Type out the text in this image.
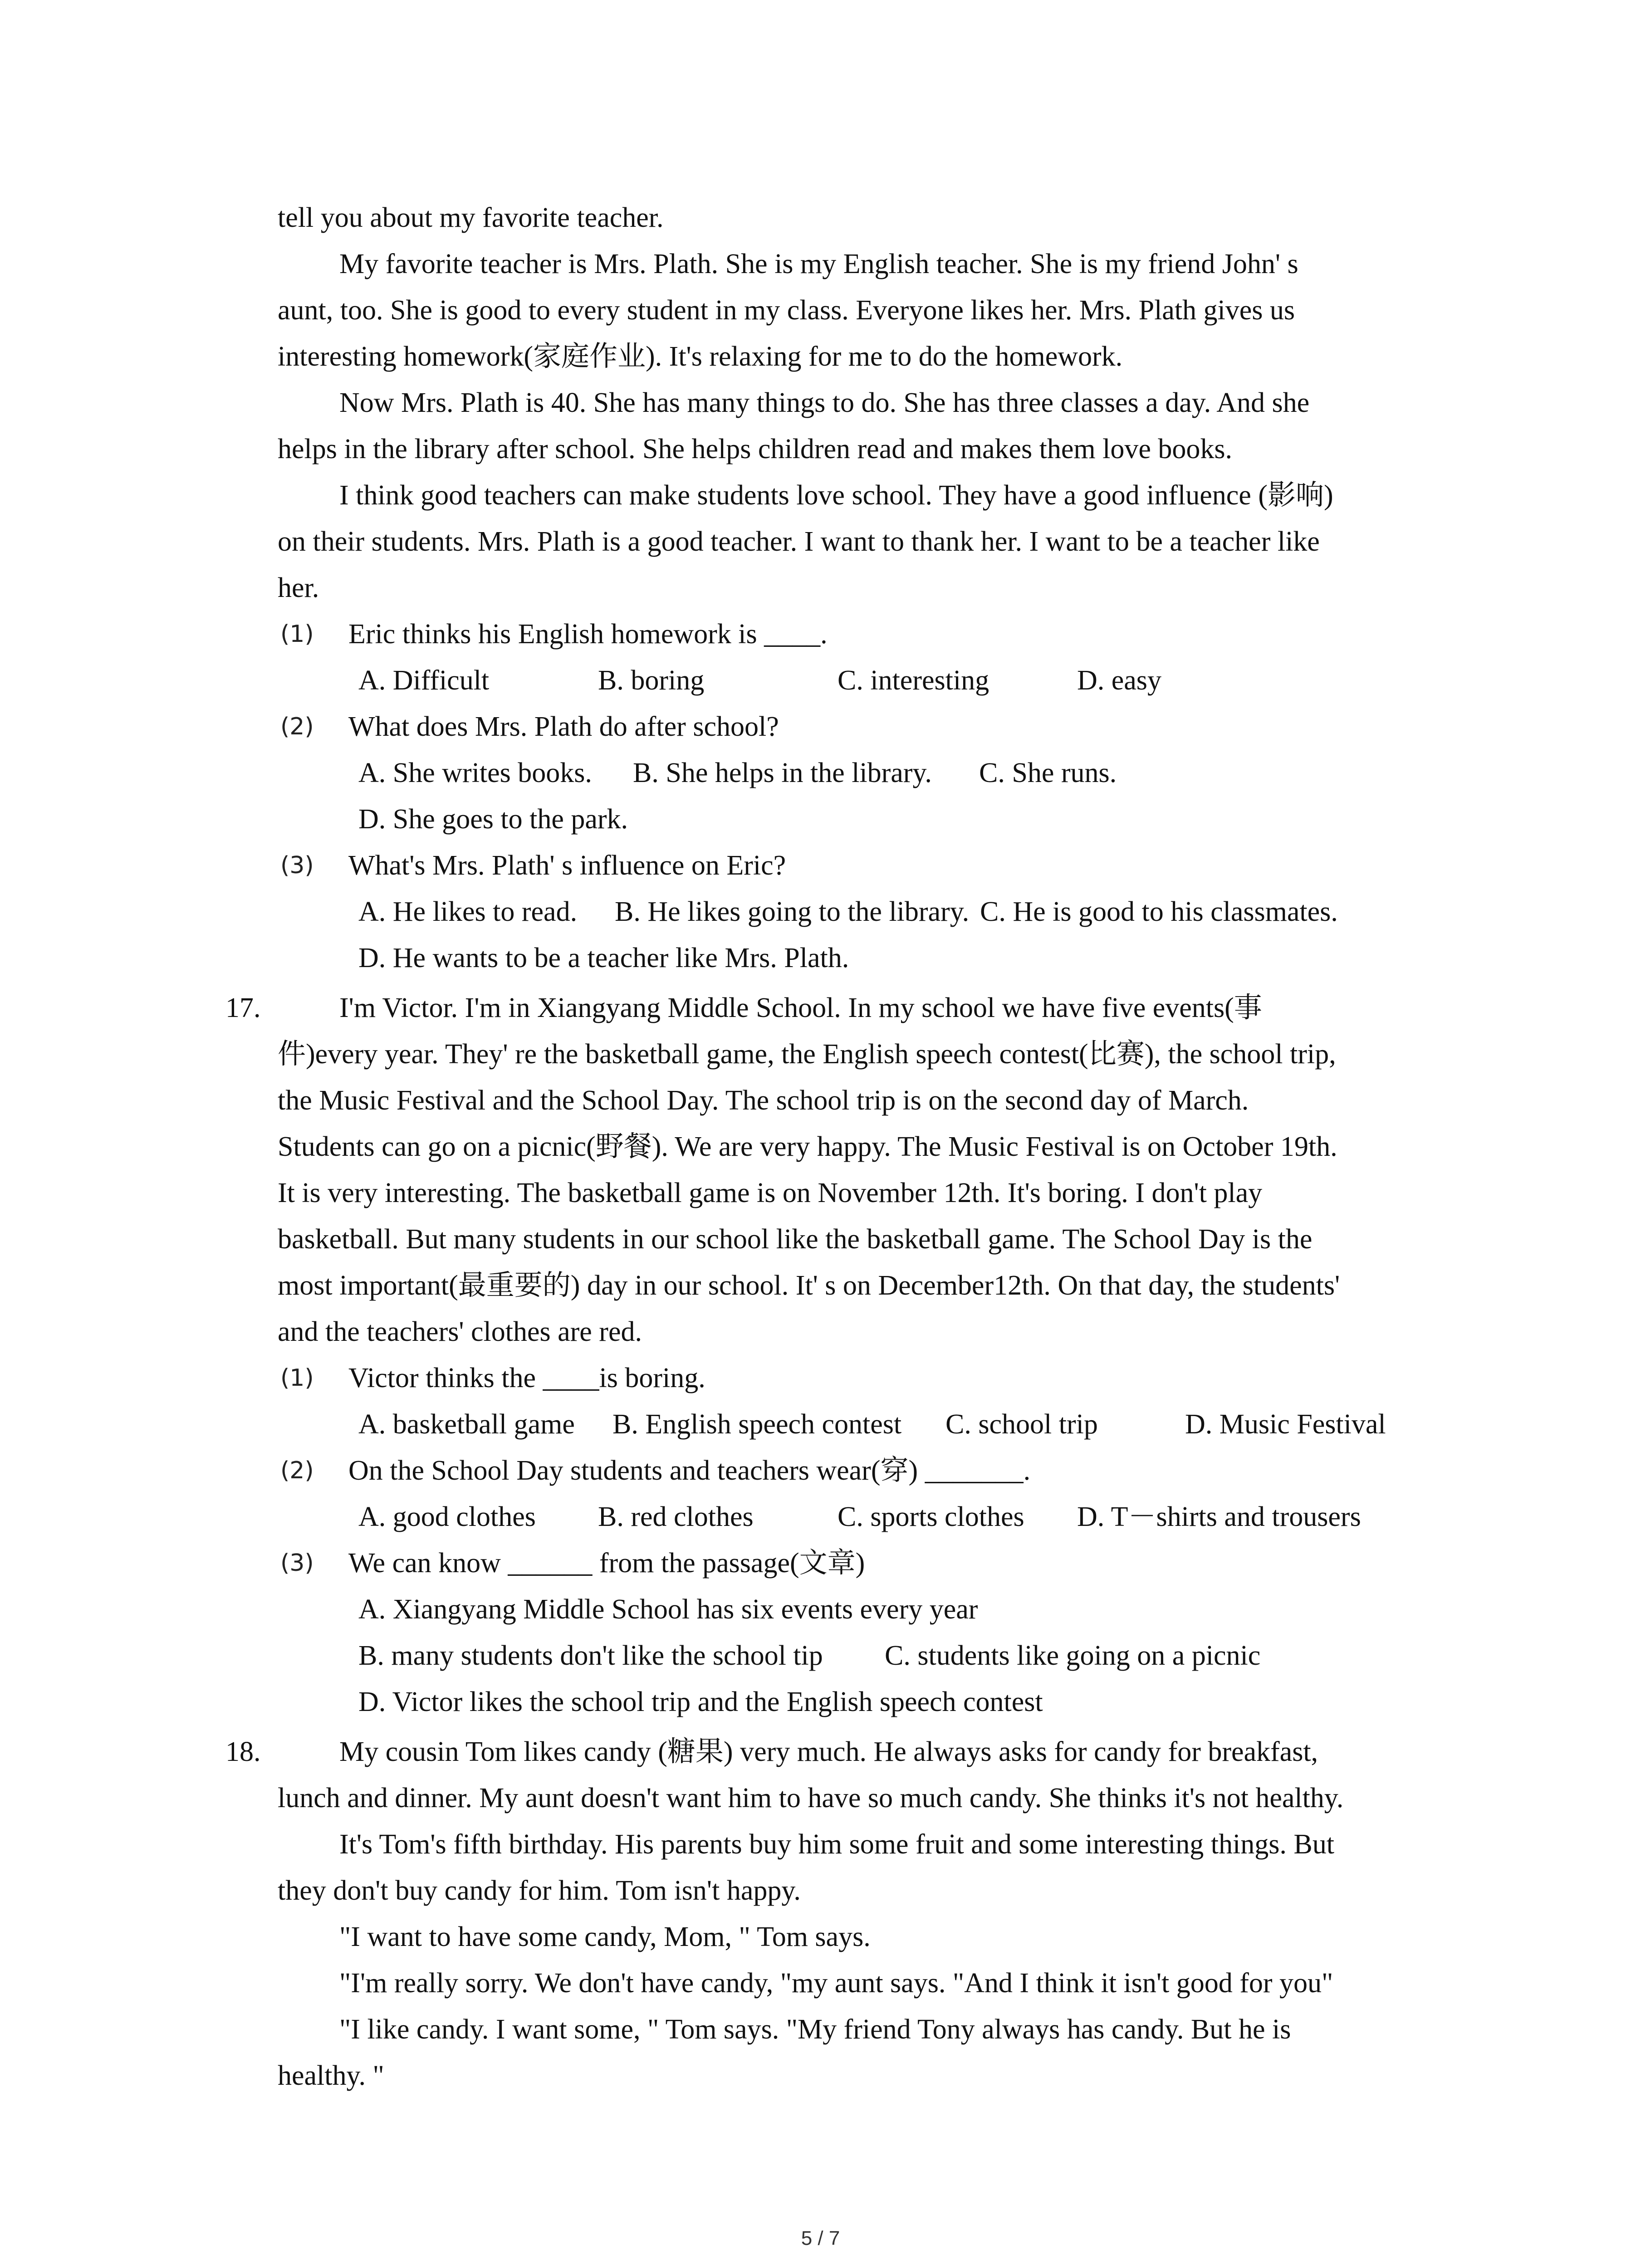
tell you about my favorite teacher.
My favorite teacher is Mrs. Plath. She is my English teacher. She is my friend John' s
aunt, too. She is good to every student in my class. Everyone likes her. Mrs. Plath gives us
interesting homework(家庭作业). It's relaxing for me to do the homework.
Now Mrs. Plath is 40. She has many things to do. She has three classes a day. And she
helps in the library after school. She helps children read and makes them love books.
I think good teachers can make students love school. They have a good influence (影响)
on their students. Mrs. Plath is a good teacher. I want to thank her. I want to be a teacher like
her.
(1) Eric thinks his English homework is ____.
A. Difficult	B. boring	C. interesting	D. easy
(2) What does Mrs. Plath do after school?
A. She writes books. B. She helps in the library. C. She runs.
D. She goes to the park.
(3) What's Mrs. Plath' s influence on Eric?
A. He likes to read. B. He likes going to the library. C. He is good to his classmates.
D. He wants to be a teacher like Mrs. Plath.
17.	I'm Victor. I'm in Xiangyang Middle School. In my school we have five events(事
件)every year. They' re the basketball game, the English speech contest(比赛), the school trip,
the Music Festival and the School Day. The school trip is on the second day of March.
Students can go on a picnic(野餐). We are very happy. The Music Festival is on October 19th.
It is very interesting. The basketball game is on November 12th. It's boring. I don't play
basketball. But many students in our school like the basketball game. The School Day is the
most important(最重要的) day in our school. It' s on December12th. On that day, the students'
and the teachers' clothes are red.
(1) Victor thinks the ____is boring.
A. basketball game B. English speech contest C. school trip	D. Music Festival
(2) On the School Day students and teachers wear(穿) _______.
A. good clothes B. red clothes	C. sports clothes D. T－shirts and trousers
(3) We can know ______ from the passage(文章)
A. Xiangyang Middle School has six events every year
B. many students don't like the school tip C. students like going on a picnic
D. Victor likes the school trip and the English speech contest
18.	My cousin Tom likes candy (糖果) very much. He always asks for candy for breakfast,
lunch and dinner. My aunt doesn't want him to have so much candy. She thinks it's not healthy.
It's Tom's fifth birthday. His parents buy him some fruit and some interesting things. But
they don't buy candy for him. Tom isn't happy.
"I want to have some candy, Mom, " Tom says.
"I'm really sorry. We don't have candy, "my aunt says. "And I think it isn't good for you"
"I like candy. I want some, " Tom says. "My friend Tony always has candy. But he is
healthy. "
5 / 7
